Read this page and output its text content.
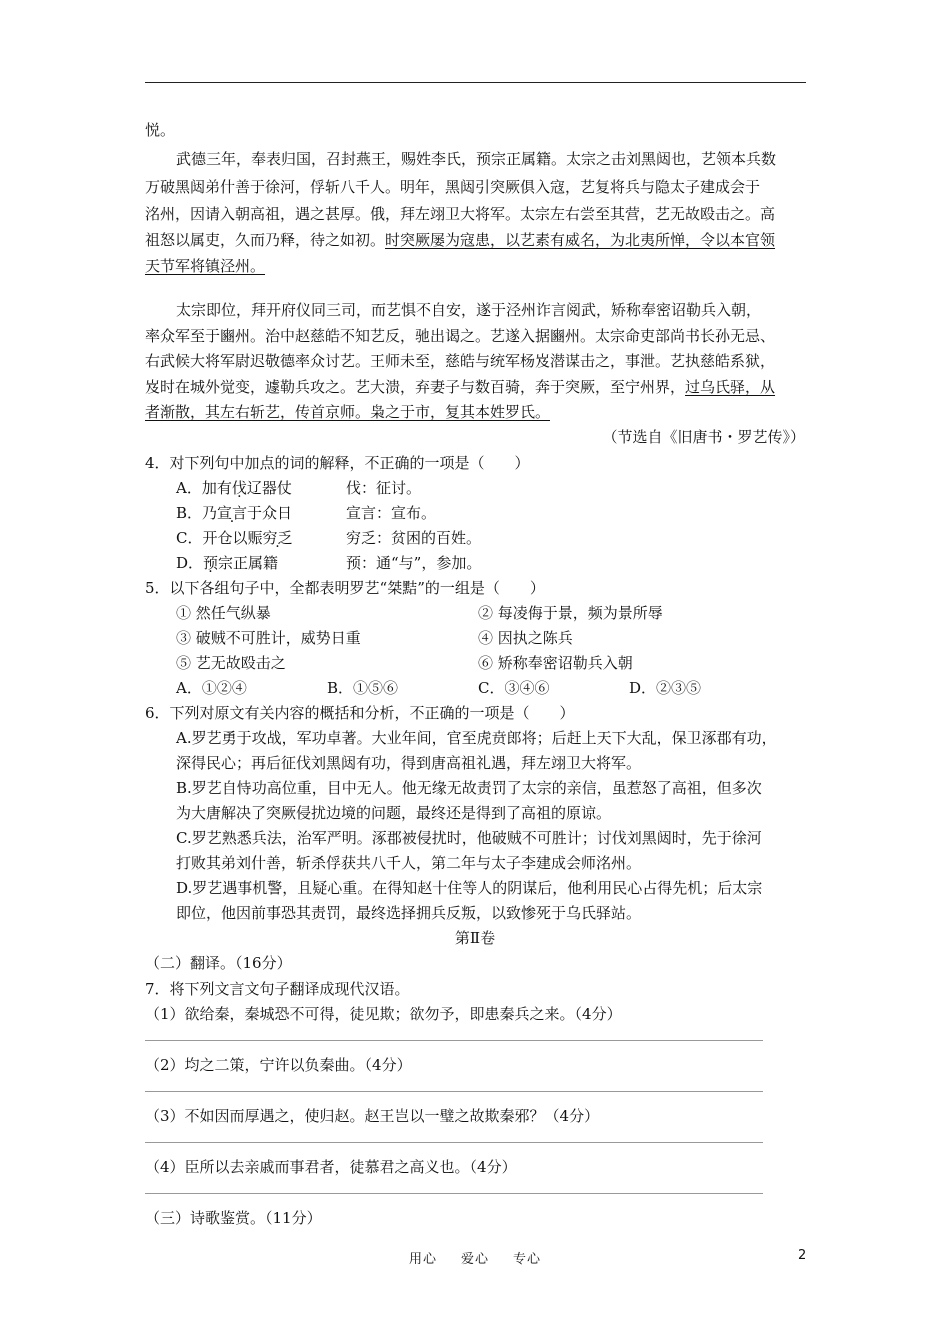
悦。
武德三年，奉表归国，召封燕王，赐姓李氏，预宗正属籍。太宗之击刘黑闼也，艺领本兵数
万破黑闼弟什善于徐河，俘斩八千人。明年，黑闼引突厥俱入寇，艺复将兵与隐太子建成会于
洺州，因请入朝高祖，遇之甚厚。俄，拜左翊卫大将军。太宗左右尝至其营，艺无故殴击之。高
祖怒以属吏，久而乃释，待之如初。时突厥屡为寇患，以艺素有威名，为北夷所惮，令以本官领
天节军将镇泾州。
太宗即位，拜开府仪同三司，而艺惧不自安，遂于泾州诈言阅武，矫称奉密诏勒兵入朝，
率众军至于豳州。治中赵慈皓不知艺反，驰出谒之。艺遂入据豳州。太宗命吏部尚书长孙无忌、
右武候大将军尉迟敬德率众讨艺。王师未至，慈皓与统军杨岌潜谋击之，事泄。艺执慈皓系狱，
岌时在城外觉变，遽勒兵攻之。艺大溃，弃妻子与数百骑，奔于突厥，至宁州界，过乌氏驿，从
者渐散，其左右斩艺，传首京师。枭之于市，复其本姓罗氏。
（节选自《旧唐书・罗艺传》）
4．对下列句中加点的词的解释，不正确的一项是（　　）
A．加有伐辽器仗	伐：征讨。
B．乃宣言于众日	宣言：宣布。
C．开仓以赈穷乏	穷乏：贫困的百姓。
D．预宗正属籍	预：通“与”，参加。
5．以下各组句子中，全都表明罗艺“桀黠”的一组是（　　）
① 然任气纵暴	② 每凌侮于景，频为景所辱
③ 破贼不可胜计，威势日重	④ 因执之陈兵
⑤ 艺无故殴击之	⑥ 矫称奉密诏勒兵入朝
A．①②④	B．①⑤⑥	C．③④⑥	D．②③⑤
6．下列对原文有关内容的概括和分析，不正确的一项是（　　）
A.罗艺勇于攻战，军功卓著。大业年间，官至虎贲郎将；后赶上天下大乱，保卫涿郡有功，
深得民心；再后征伐刘黑闼有功，得到唐高祖礼遇，拜左翊卫大将军。
B.罗艺自恃功高位重，目中无人。他无缘无故责罚了太宗的亲信，虽惹怒了高祖，但多次
为大唐解决了突厥侵扰边境的问题，最终还是得到了高祖的原谅。
C.罗艺熟悉兵法，治军严明。涿郡被侵扰时，他破贼不可胜计；讨伐刘黑闼时，先于徐河
打败其弟刘什善，斩杀俘获共八千人，第二年与太子李建成会师洺州。
D.罗艺遇事机警，且疑心重。在得知赵十住等人的阴谋后，他利用民心占得先机；后太宗
即位，他因前事恐其责罚，最终选择拥兵反叛，以致惨死于乌氏驿站。
第Ⅱ卷
（二）翻译。（16分）
7．将下列文言文句子翻译成现代汉语。
（1）欲给秦，秦城恐不可得，徒见欺；欲勿予，即患秦兵之来。（4分）
（2）均之二策，宁许以负秦曲。（4分）
（3）不如因而厚遇之，使归赵。赵王岂以一璧之故欺秦邪？（4分）
（4）臣所以去亲戚而事君者，徒慕君之高义也。（4分）
（三）诗歌鉴赏。（11分）
用心 爱心 专心	2
